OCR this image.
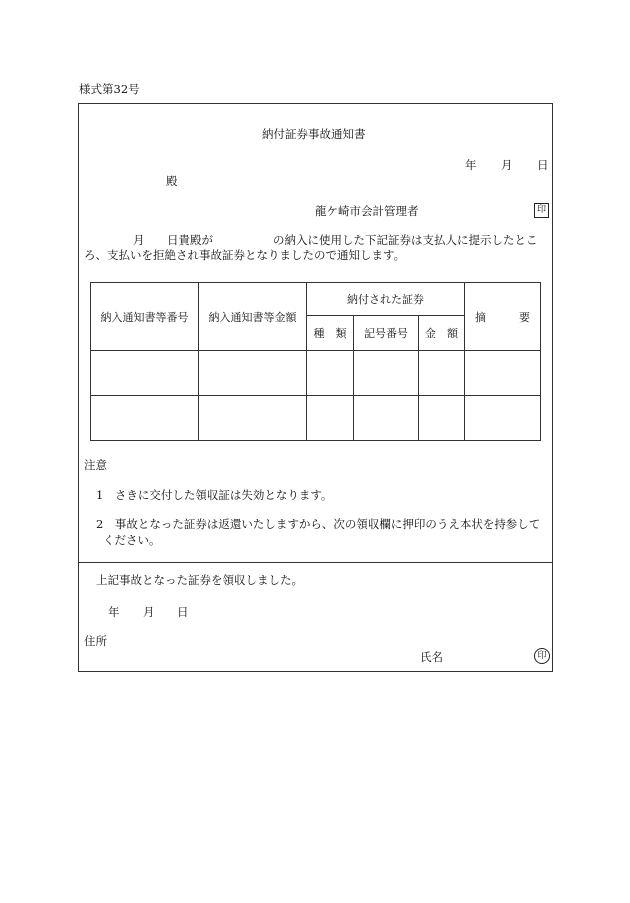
様式第32号
納付証券事故通知書
年 月 日
殿
龍ケ崎市会計管理者	印
月 日貴殿が	の納入に使用した下記証券は支払人に提示したとこ
ろ、支払いを拒絶され事故証券となりましたので通知します。
納入通知書等番号	納入通知書等金額	納付された証券			摘　　　要
		種　類	記号番号	金　額	

注意
1　さきに交付した領収証は失効となります。
2　事故となった証券は返還いたしますから、次の領収欄に押印のうえ本状を持参して
ください。
上記事故となった証券を領収しました。
年 月 日
住所
氏名	印
